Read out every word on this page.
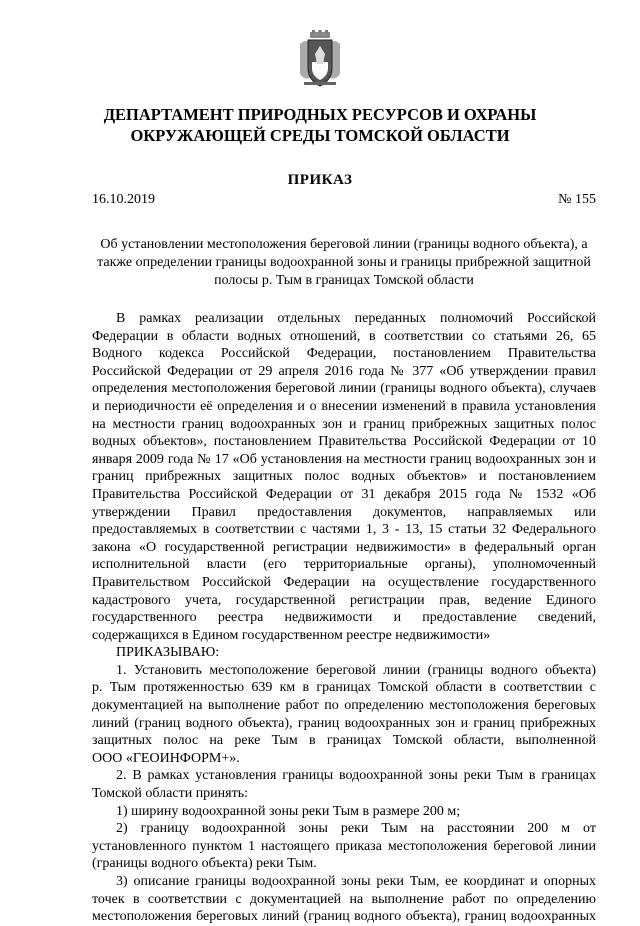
ДЕПАРТАМЕНТ ПРИРОДНЫХ РЕСУРСОВ И ОХРАНЫ
ОКРУЖАЮЩЕЙ СРЕДЫ ТОМСКОЙ ОБЛАСТИ
ПРИКАЗ
16.10.2019	№ 155
Об установлении местоположения береговой линии (границы водного объекта), а
также определении границы водоохранной зоны и границы прибрежной защитной
полосы р. Тым в границах Томской области
В рамках реализации отдельных переданных полномочий Российской
Федерации в области водных отношений, в соответствии со статьями 26, 65
Водного кодекса Российской Федерации, постановлением Правительства
Российской Федерации от 29 апреля 2016 года № 377 «Об утверждении правил
определения местоположения береговой линии (границы водного объекта), случаев
и периодичности её определения и о внесении изменений в правила установления
на местности границ водоохранных зон и границ прибрежных защитных полос
водных объектов», постановлением Правительства Российской Федерации от 10
января 2009 года № 17 «Об установления на местности границ водоохранных зон и
границ прибрежных защитных полос водных объектов» и постановлением
Правительства Российской Федерации от 31 декабря 2015 года № 1532 «Об
утверждении Правил предоставления документов, направляемых или
предоставляемых в соответствии с частями 1, 3 - 13, 15 статьи 32 Федерального
закона «О государственной регистрации недвижимости» в федеральный орган
исполнительной власти (его территориальные органы), уполномоченный
Правительством Российской Федерации на осуществление государственного
кадастрового учета, государственной регистрации прав, ведение Единого
государственного реестра недвижимости и предоставление сведений,
содержащихся в Едином государственном реестре недвижимости»
ПРИКАЗЫВАЮ:
1. Установить местоположение береговой линии (границы водного объекта)
р. Тым протяженностью 639 км в границах Томской области в соответствии с
документацией на выполнение работ по определению местоположения береговых
линий (границ водного объекта), границ водоохранных зон и границ прибрежных
защитных полос на реке Тым в границах Томской области, выполненной
ООО «ГЕОИНФОРМ+».
2. В рамках установления границы водоохранной зоны реки Тым в границах
Томской области принять:
1) ширину водоохранной зоны реки Тым в размере 200 м;
2) границу водоохранной зоны реки Тым на расстоянии 200 м от
установленного пунктом 1 настоящего приказа местоположения береговой линии
(границы водного объекта) реки Тым.
3) описание границы водоохранной зоны реки Тым, ее координат и опорных
точек в соответствии с документацией на выполнение работ по определению
местоположения береговых линий (границ водного объекта), границ водоохранных
